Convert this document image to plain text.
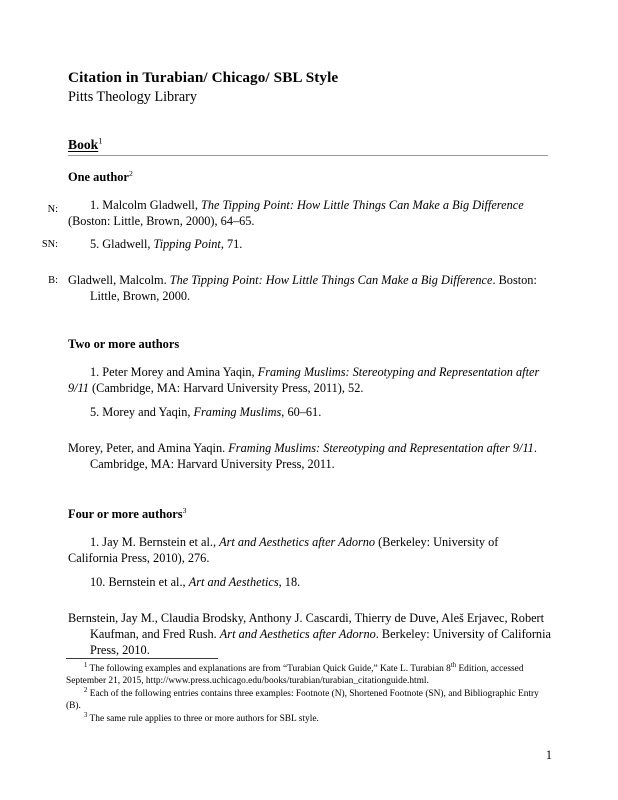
Citation in Turabian/ Chicago/ SBL Style
Pitts Theology Library
Book$^1$
One author$^2$
N:	1. Malcolm Gladwell, The Tipping Point: How Little Things Can Make a Big Difference (Boston: Little, Brown, 2000), 64–65.
SN:	5. Gladwell, Tipping Point, 71.
B: Gladwell, Malcolm. The Tipping Point: How Little Things Can Make a Big Difference. Boston: Little, Brown, 2000.
Two or more authors
1. Peter Morey and Amina Yaqin, Framing Muslims: Stereotyping and Representation after 9/11 (Cambridge, MA: Harvard University Press, 2011), 52.
5. Morey and Yaqin, Framing Muslims, 60–61.
Morey, Peter, and Amina Yaqin. Framing Muslims: Stereotyping and Representation after 9/11. Cambridge, MA: Harvard University Press, 2011.
Four or more authors$^3$
1. Jay M. Bernstein et al., Art and Aesthetics after Adorno (Berkeley: University of California Press, 2010), 276.
10. Bernstein et al., Art and Aesthetics, 18.
Bernstein, Jay M., Claudia Brodsky, Anthony J. Cascardi, Thierry de Duve, Aleš Erjavec, Robert Kaufman, and Fred Rush. Art and Aesthetics after Adorno. Berkeley: University of California Press, 2010.

$^1$ The following examples and explanations are from “Turabian Quick Guide,” Kate L. Turabian 8th Edition, accessed September 21, 2015, http://www.press.uchicago.edu/books/turabian/turabian_citationguide.html.

$^2$ Each of the following entries contains three examples: Footnote (N), Shortened Footnote (SN), and Bibliographic Entry (B).

$^3$ The same rule applies to three or more authors for SBL style.

1
